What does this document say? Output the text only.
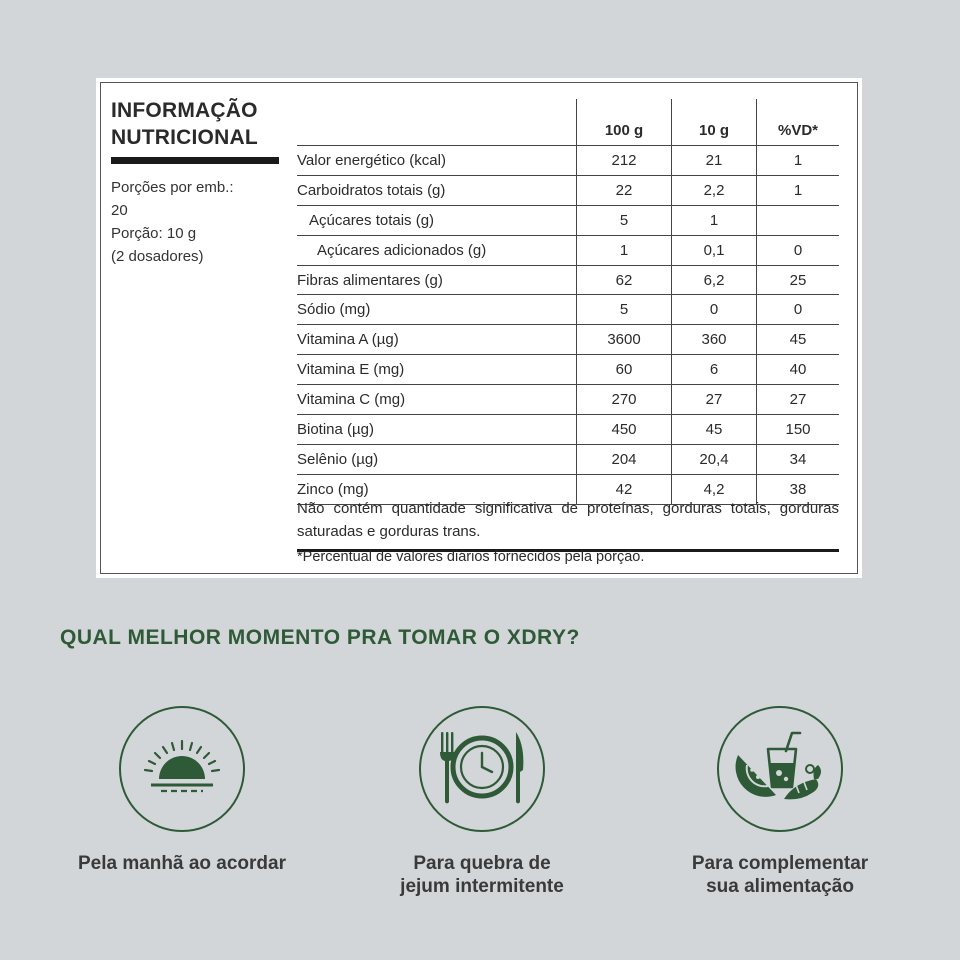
INFORMAÇÃO
NUTRICIONAL
Porções por emb.:
20
Porção: 10 g
(2 dosadores)
	100 g	10 g	%VD*
Valor energético (kcal)	212	21	1
Carboidratos totais (g)	22	2,2	1
Açúcares totais (g)	5	1	
Açúcares adicionados (g)	1	0,1	0
Fibras alimentares (g)	62	6,2	25
Sódio (mg)	5	0	0
Vitamina A (µg)	3600	360	45
Vitamina E (mg)	60	6	40
Vitamina C (mg)	270	27	27
Biotina (µg)	450	45	150
Selênio (µg)	204	20,4	34
Zinco (mg)	42	4,2	38
Não contém quantidade significativa de proteínas, gorduras totais, gorduras saturadas e gorduras trans.
*Percentual de valores diários fornecidos pela porção.
QUAL MELHOR MOMENTO PRA TOMAR O XDRY?
Pela manhã ao acordar	Para quebra de
jejum intermitente
Para complementar
sua alimentação
